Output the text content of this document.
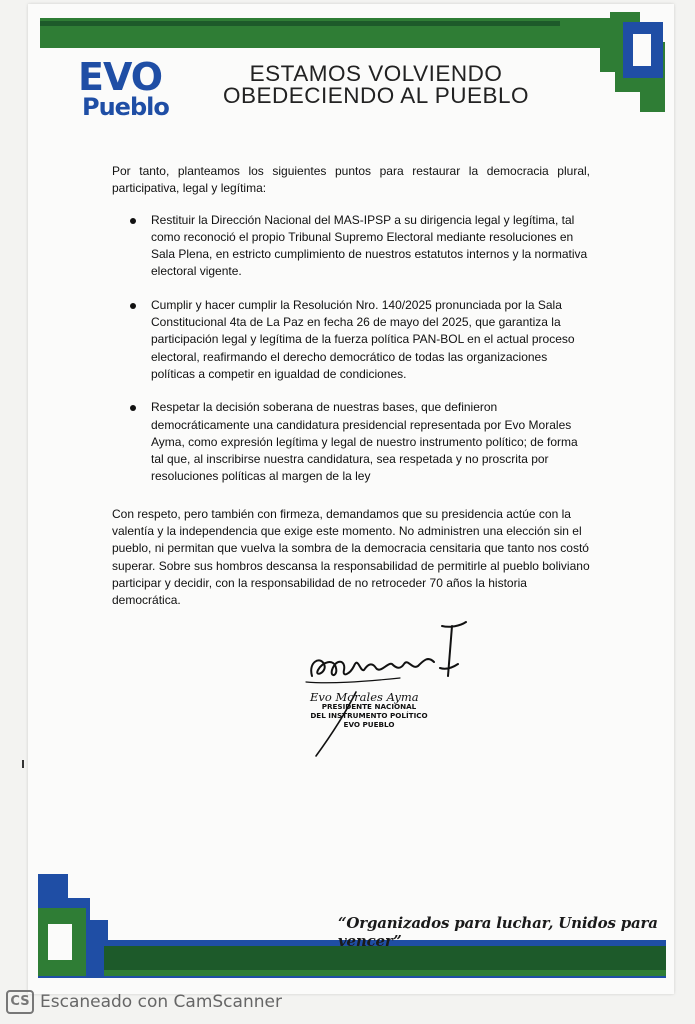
EVO
Pueblo
ESTAMOS VOLVIENDO
OBEDECIENDO AL PUEBLO

Por tanto, planteamos los siguientes puntos para restaurar la democracia plural, participativa, legal y legítima:

Restituir la Dirección Nacional del MAS-IPSP a su dirigencia legal y legítima, tal como reconoció el propio Tribunal Supremo Electoral mediante resoluciones en Sala Plena, en estricto cumplimiento de nuestros estatutos internos y la normativa electoral vigente.
Cumplir y hacer cumplir la Resolución Nro. 140/2025 pronunciada por la Sala Constitucional 4ta de La Paz en fecha 26 de mayo del 2025, que garantiza la participación legal y legítima de la fuerza política PAN-BOL en el actual proceso electoral, reafirmando el derecho democrático de todas las organizaciones políticas a competir en igualdad de condiciones.
Respetar la decisión soberana de nuestras bases, que definieron democráticamente una candidatura presidencial representada por Evo Morales Ayma, como expresión legítima y legal de nuestro instrumento político; de forma tal que, al inscribirse nuestra candidatura, sea respetada y no proscrita por resoluciones políticas al margen de la ley

Con respeto, pero también con firmeza, demandamos que su presidencia actúe con la valentía y la independencia que exige este momento. No administren una elección sin el pueblo, ni permitan que vuelva la sombra de la democracia censitaria que tanto nos costó superar. Sobre sus hombros descansa la responsabilidad de permitirle al pueblo boliviano participar y decidir, con la responsabilidad de no retroceder 70 años la historia democrática.

Evo Morales Ayma
PRESIDENTE NACIONAL
DEL INSTRUMENTO POLÍTICO
EVO PUEBLO
“Organizados para luchar, Unidos para vencer”
CS Escaneado con CamScanner
